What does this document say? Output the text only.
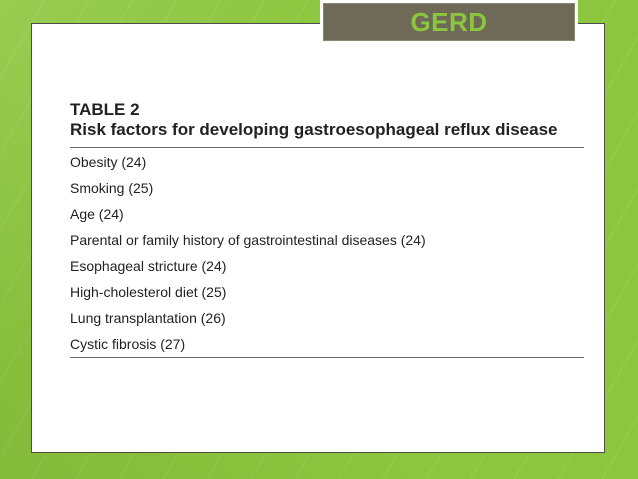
GERD
TABLE 2
Risk factors for developing gastroesophageal reflux disease
Obesity (24)
Smoking (25)
Age (24)
Parental or family history of gastrointestinal diseases (24)
Esophageal stricture (24)
High-cholesterol diet (25)
Lung transplantation (26)
Cystic fibrosis (27)
